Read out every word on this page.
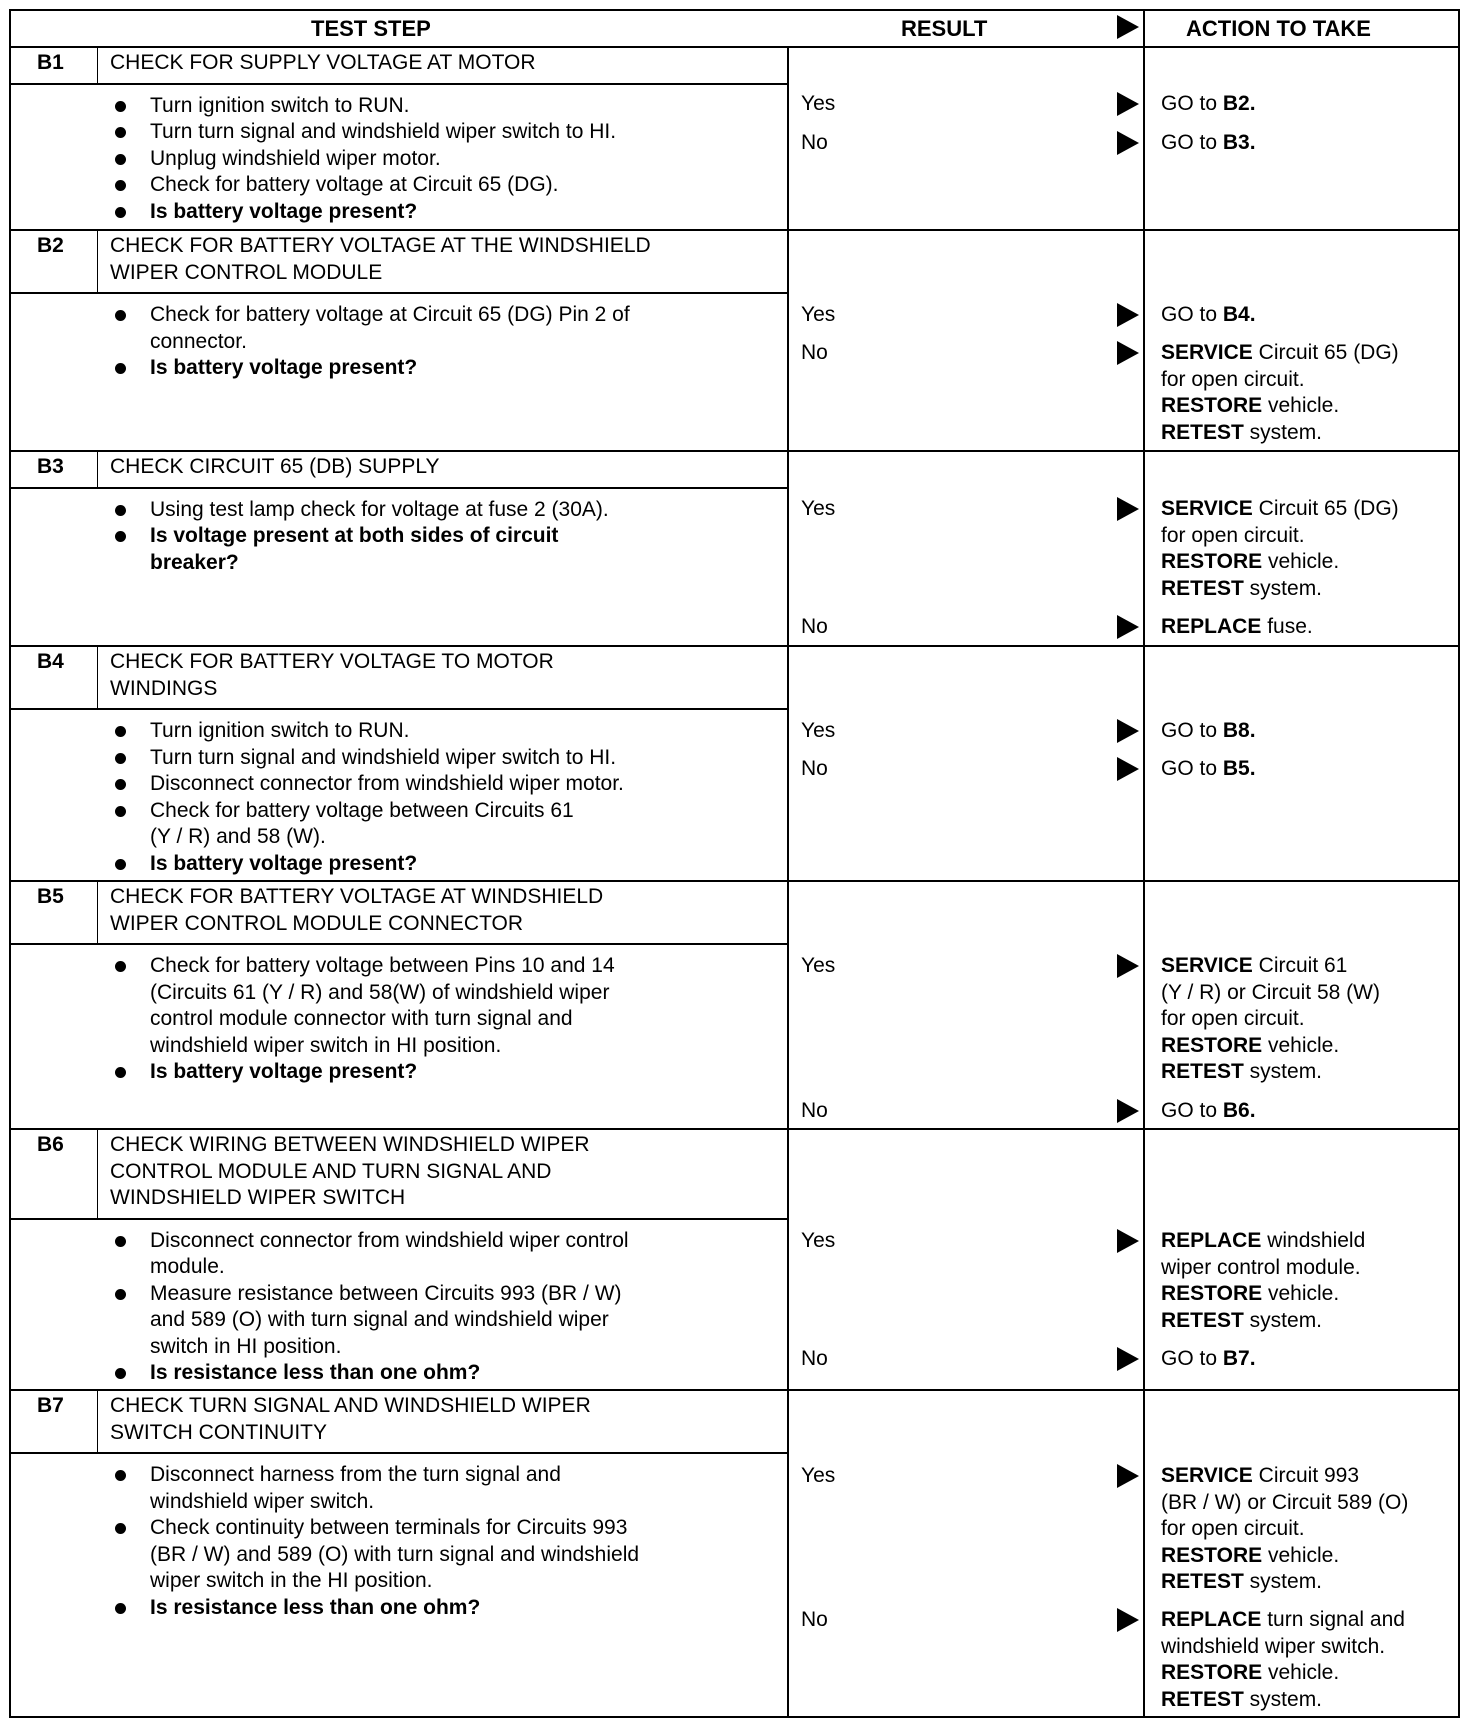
TEST STEP	RESULT	ACTION TO TAKE
B1	CHECK FOR SUPPLY VOLTAGE AT MOTOR
Turn ignition switch to RUN.
Turn turn signal and windshield wiper switch to HI.
Unplug windshield wiper motor.
Check for battery voltage at Circuit 65 (DG).
Is battery voltage present?
Yes	GO to B2.
No	GO to B3.
B2	CHECK FOR BATTERY VOLTAGE AT THE WINDSHIELD
WIPER CONTROL MODULE
Check for battery voltage at Circuit 65 (DG) Pin 2 of
connector.
Is battery voltage present?
Yes	GO to B4.
No	SERVICE Circuit 65 (DG)
for open circuit.
RESTORE vehicle.
RETEST system.
B3	CHECK CIRCUIT 65 (DB) SUPPLY
Using test lamp check for voltage at fuse 2 (30A).
Is voltage present at both sides of circuit
breaker?
Yes	SERVICE Circuit 65 (DG)
for open circuit.
RESTORE vehicle.
RETEST system.
No	REPLACE fuse.
B4	CHECK FOR BATTERY VOLTAGE TO MOTOR
WINDINGS
Turn ignition switch to RUN.
Turn turn signal and windshield wiper switch to HI.
Disconnect connector from windshield wiper motor.
Check for battery voltage between Circuits 61
(Y / R) and 58 (W).
Is battery voltage present?
Yes	GO to B8.
No	GO to B5.
B5	CHECK FOR BATTERY VOLTAGE AT WINDSHIELD
WIPER CONTROL MODULE CONNECTOR
Check for battery voltage between Pins 10 and 14
(Circuits 61 (Y / R) and 58(W) of windshield wiper
control module connector with turn signal and
windshield wiper switch in HI position.
Is battery voltage present?
Yes	SERVICE Circuit 61
(Y / R) or Circuit 58 (W)
for open circuit.
RESTORE vehicle.
RETEST system.
No	GO to B6.
B6	CHECK WIRING BETWEEN WINDSHIELD WIPER
CONTROL MODULE AND TURN SIGNAL AND
WINDSHIELD WIPER SWITCH
Disconnect connector from windshield wiper control
module.
Measure resistance between Circuits 993 (BR / W)
and 589 (O) with turn signal and windshield wiper
switch in HI position.
Is resistance less than one ohm?
Yes	REPLACE windshield
wiper control module.
RESTORE vehicle.
RETEST system.
No	GO to B7.
B7	CHECK TURN SIGNAL AND WINDSHIELD WIPER
SWITCH CONTINUITY
Disconnect harness from the turn signal and
windshield wiper switch.
Check continuity between terminals for Circuits 993
(BR / W) and 589 (O) with turn signal and windshield
wiper switch in the HI position.
Is resistance less than one ohm?
Yes	SERVICE Circuit 993
(BR / W) or Circuit 589 (O)
for open circuit.
RESTORE vehicle.
RETEST system.
No	REPLACE turn signal and
windshield wiper switch.
RESTORE vehicle.
RETEST system.
